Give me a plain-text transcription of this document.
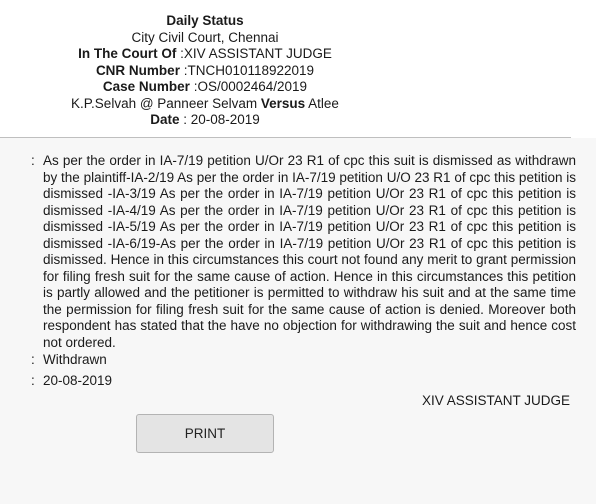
Daily Status
City Civil Court, Chennai
In The Court Of :XIV ASSISTANT JUDGE
CNR Number :TNCH010118922019
Case Number :OS/0002464/2019
K.P.Selvah @ Panneer Selvam Versus Atlee
Date : 20-08-2019
: As per the order in IA-7/19 petition U/Or 23 R1 of cpc this suit is dismissed as withdrawn by the plaintiff-IA-2/19 As per the order in IA-7/19 petition U/O 23 R1 of cpc this petition is dismissed -IA-3/19 As per the order in IA-7/19 petition U/Or 23 R1 of cpc this petition is dismissed -IA-4/19 As per the order in IA-7/19 petition U/Or 23 R1 of cpc this petition is dismissed -IA-5/19 As per the order in IA-7/19 petition U/Or 23 R1 of cpc this petition is dismissed -IA-6/19-As per the order in IA-7/19 petition U/Or 23 R1 of cpc this petition is dismissed. Hence in this circumstances this court not found any merit to grant permission for filing fresh suit for the same cause of action. Hence in this circumstances this petition is partly allowed and the petitioner is permitted to withdraw his suit and at the same time the permission for filing fresh suit for the same cause of action is denied. Moreover both respondent has stated that the have no objection for withdrawing the suit and hence cost not ordered.
: Withdrawn
: 20-08-2019
XIV ASSISTANT JUDGE
PRINT
